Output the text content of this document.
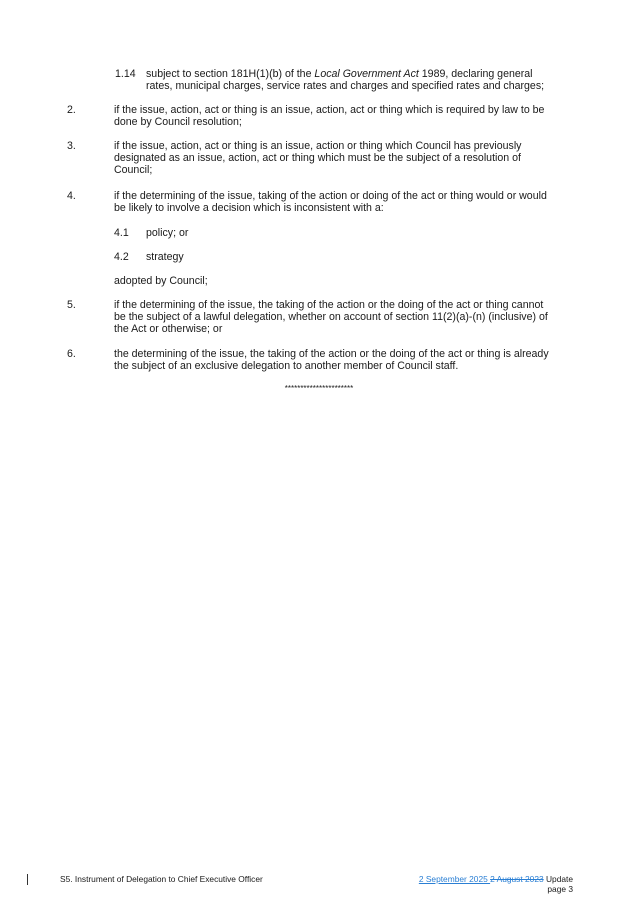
1.14 subject to section 181H(1)(b) of the Local Government Act 1989, declaring general
rates, municipal charges, service rates and charges and specified rates and charges;
2.	if the issue, action, act or thing is an issue, action, act or thing which is required by law to be
done by Council resolution;
3.	if the issue, action, act or thing is an issue, action or thing which Council has previously
designated as an issue, action, act or thing which must be the subject of a resolution of
Council;
4.	if the determining of the issue, taking of the action or doing of the act or thing would or would
be likely to involve a decision which is inconsistent with a:
4.1 policy; or
4.2 strategy
adopted by Council;
5.	if the determining of the issue, the taking of the action or the doing of the act or thing cannot
be the subject of a lawful delegation, whether on account of section 11(2)(a)-(n) (inclusive) of
the Act or otherwise; or
6.	the determining of the issue, the taking of the action or the doing of the act or thing is already
the subject of an exclusive delegation to another member of Council staff.
**********************
S5. Instrument of Delegation to Chief Executive Officer	2 September 2025 2 August 2023 Update
page 3
